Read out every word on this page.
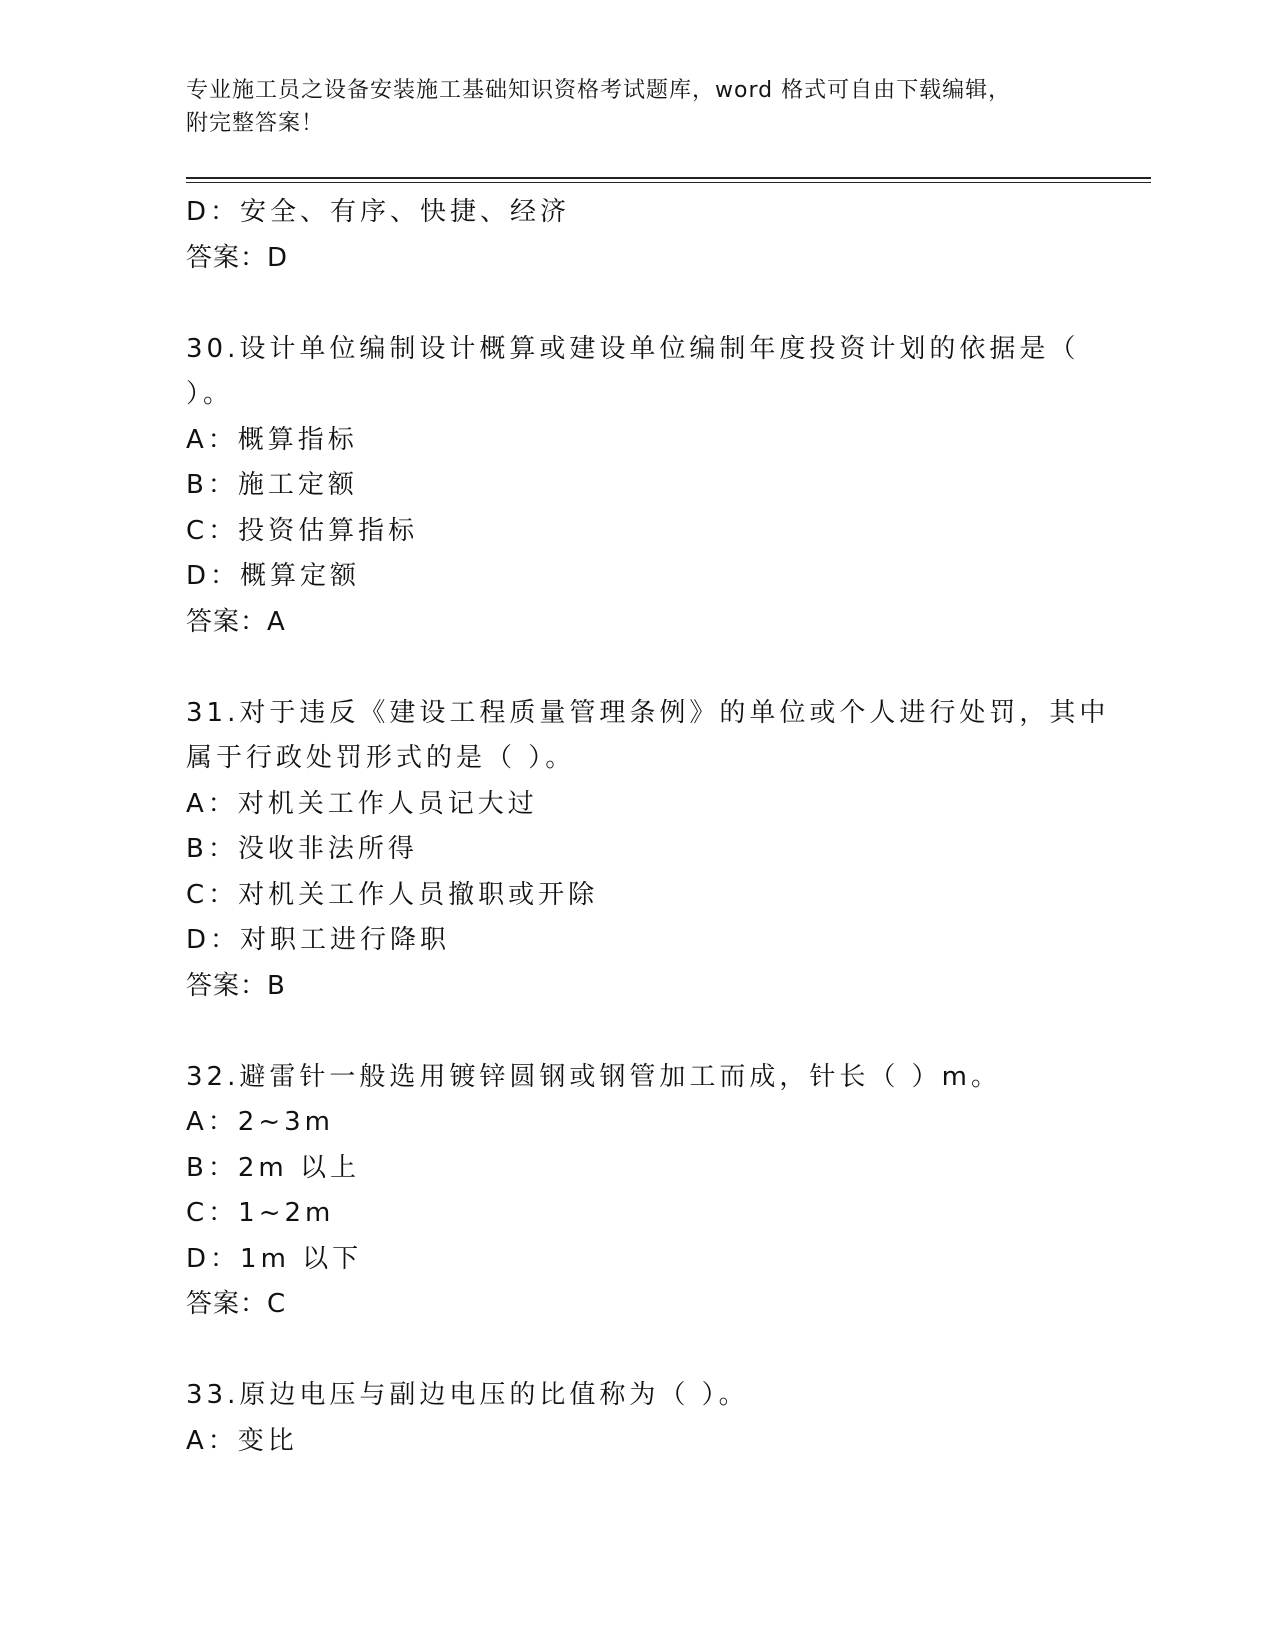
专业施工员之设备安装施工基础知识资格考试题库，word 格式可自由下载编辑，
附完整答案！
D：安全、有序、快捷、经济
答案：D
30.设计单位编制设计概算或建设单位编制年度投资计划的依据是（
）。
A：概算指标
B：施工定额
C：投资估算指标
D：概算定额
答案：A
31.对于违反《建设工程质量管理条例》的单位或个人进行处罚，其中
属于行政处罚形式的是（ ）。
A：对机关工作人员记大过
B：没收非法所得
C：对机关工作人员撤职或开除
D：对职工进行降职
答案：B
32.避雷针一般选用镀锌圆钢或钢管加工而成，针长（ ）m。
A：2~3m
B：2m 以上
C：1~2m
D：1m 以下
答案：C
33.原边电压与副边电压的比值称为（ ）。
A：变比
